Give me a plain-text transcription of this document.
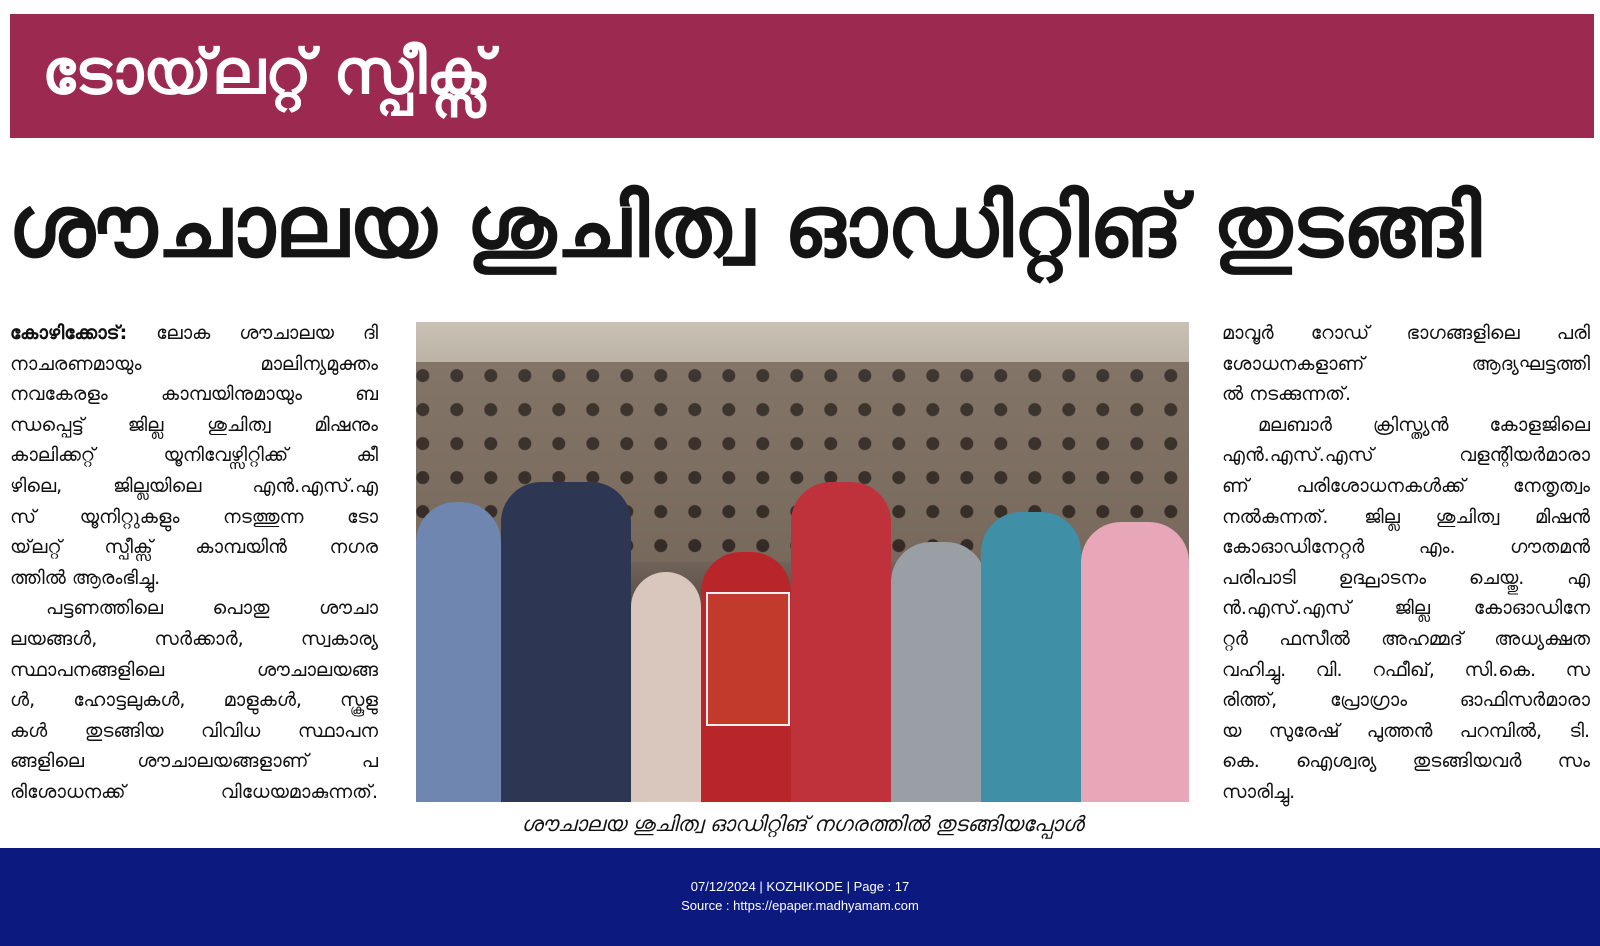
ടോയ്‌ലറ്റ് സ്പീക്സ്
ശൗചാലയ ശുചിത്വ ഓഡിറ്റിങ് തുടങ്ങി
കോഴിക്കോട്: ലോക ശൗചാലയ ദി
നാചരണമായും മാലിന്യമുക്തം
നവകേരളം കാമ്പയിനുമായും ബ
ന്ധപ്പെട്ട് ജില്ല ശുചിത്വ മിഷനും
കാലിക്കറ്റ് യൂനിവേഴ്സിറ്റിക്ക് കീ
ഴിലെ, ജില്ലയിലെ എൻ.എസ്.എ
സ് യൂനിറ്റുകളും നടത്തുന്ന ടോ
യ്‌ലറ്റ് സ്പീക്സ് കാമ്പയിൻ നഗര
ത്തിൽ ആരംഭിച്ചു.
പട്ടണത്തിലെ പൊതു ശൗചാ
ലയങ്ങൾ, സർക്കാർ, സ്വകാര്യ
സ്ഥാപനങ്ങളിലെ ശൗചാലയങ്ങ
ൾ, ഹോട്ടലുകൾ, മാളുകൾ, സ്കൂളു
കൾ തുടങ്ങിയ വിവിധ സ്ഥാപന
ങ്ങളിലെ ശൗചാലയങ്ങളാണ് പ
രിശോധനക്ക് വിധേയമാകുന്നത്.
ശൗചാലയ ശുചിത്വ ഓഡിറ്റിങ് നഗരത്തിൽ തുടങ്ങിയപ്പോൾ
മാവൂർ റോഡ് ഭാഗങ്ങളിലെ പരി
ശോധനകളാണ് ആദ്യഘട്ടത്തി
ൽ നടക്കുന്നത്.
മലബാർ ക്രിസ്ത്യൻ കോളജിലെ
എൻ.എസ്.എസ് വളന്റിയർമാരാ
ണ് പരിശോധനകൾക്ക് നേതൃത്വം
നൽകുന്നത്. ജില്ല ശുചിത്വ മിഷൻ
കോഓഡിനേറ്റർ എം. ഗൗതമൻ
പരിപാടി ഉദ്ഘാടനം ചെയ്തു. എ
ൻ.എസ്.എസ് ജില്ല കോഓഡിനേ
റ്റർ ഫസീൽ അഹമ്മദ് അധ്യക്ഷത
വഹിച്ചു. വി. റഫീഖ്, സി.കെ. സ
രിത്ത്, പ്രോഗ്രാം ഓഫിസർമാരാ
യ സുരേഷ് പുത്തൻ പറമ്പിൽ, ടി.
കെ. ഐശ്വര്യ തുടങ്ങിയവർ സം
സാരിച്ചു.
07/12/2024 | KOZHIKODE | Page : 17
Source : https://epaper.madhyamam.com
